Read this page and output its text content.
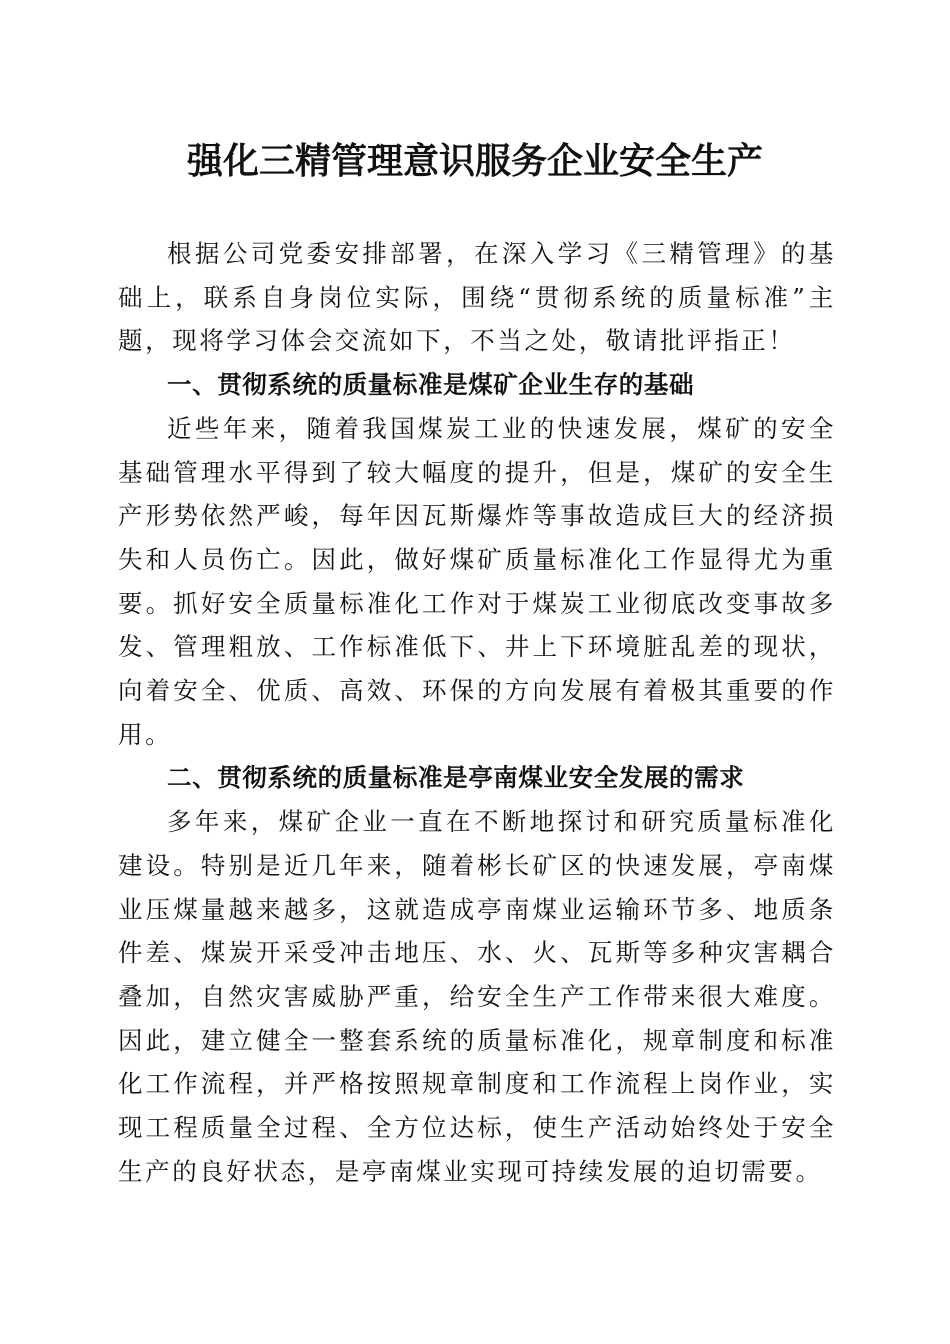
强化三精管理意识服务企业安全生产

根据公司党委安排部署，在深入学习《三精管理》的基础上，联系自身岗位实际，围绕“贯彻系统的质量标准”主题，现将学习体会交流如下，不当之处，敬请批评指正！

一、贯彻系统的质量标准是煤矿企业生存的基础

近些年来，随着我国煤炭工业的快速发展，煤矿的安全基础管理水平得到了较大幅度的提升，但是，煤矿的安全生产形势依然严峻，每年因瓦斯爆炸等事故造成巨大的经济损失和人员伤亡。因此，做好煤矿质量标准化工作显得尤为重要。抓好安全质量标准化工作对于煤炭工业彻底改变事故多发、管理粗放、工作标准低下、井上下环境脏乱差的现状，向着安全、优质、高效、环保的方向发展有着极其重要的作用。

二、贯彻系统的质量标准是亭南煤业安全发展的需求

多年来，煤矿企业一直在不断地探讨和研究质量标准化建设。特别是近几年来，随着彬长矿区的快速发展，亭南煤业压煤量越来越多，这就造成亭南煤业运输环节多、地质条件差、煤炭开采受冲击地压、水、火、瓦斯等多种灾害耦合叠加，自然灾害威胁严重，给安全生产工作带来很大难度。因此，建立健全一整套系统的质量标准化，规章制度和标准化工作流程，并严格按照规章制度和工作流程上岗作业，实现工程质量全过程、全方位达标，使生产活动始终处于安全生产的良好状态，是亭南煤业实现可持续发展的迫切需要。
